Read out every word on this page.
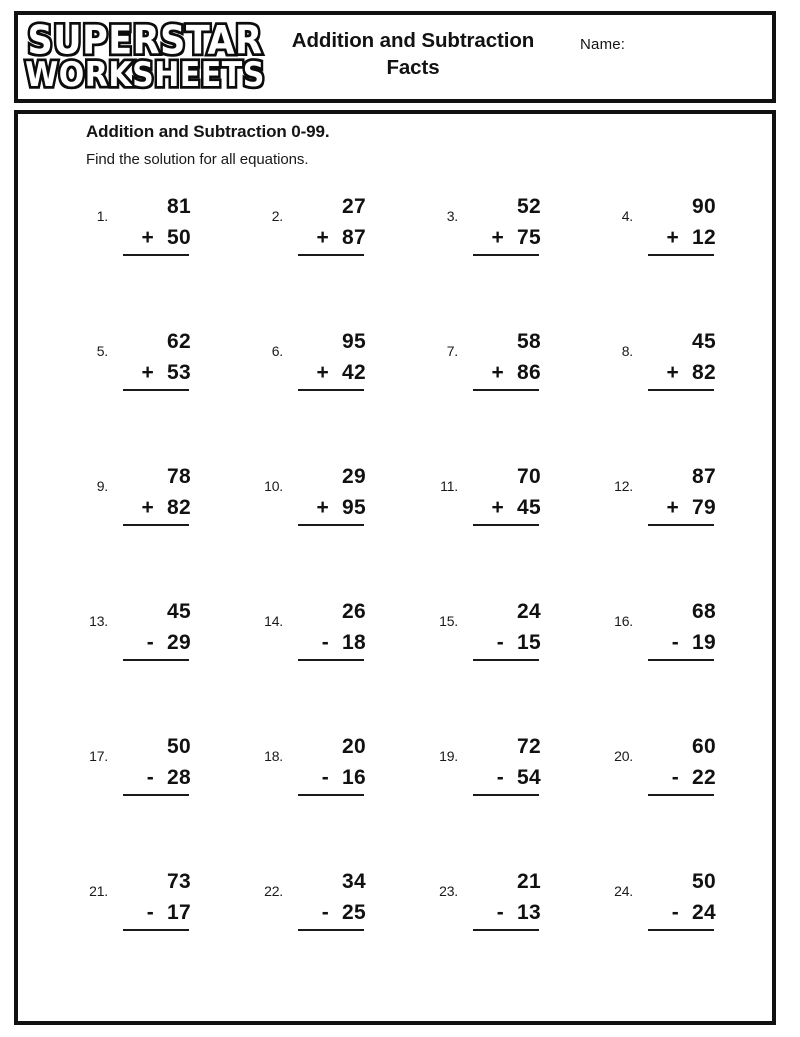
SUPERSTAR
WORKSHEETS
Addition and Subtraction
Facts
Name:

Addition and Subtraction 0-99.

Find the solution for all equations.

1.	81
+ 50
2.	27
+ 87
3.	52
+ 75
4.	90
+ 12
5.	62
+ 53
6.	95
+ 42
7.	58
+ 86
8.	45
+ 82
9.	78
+ 82
10.	29
+ 95
11.	70
+ 45
12.	87
+ 79
13.	45
- 29
14.	26
- 18
15.	24
- 15
16.	68
- 19
17.	50
- 28
18.	20
- 16
19.	72
- 54
20.	60
- 22
21.	73
- 17
22.	34
- 25
23.	21
- 13
24.	50
- 24
